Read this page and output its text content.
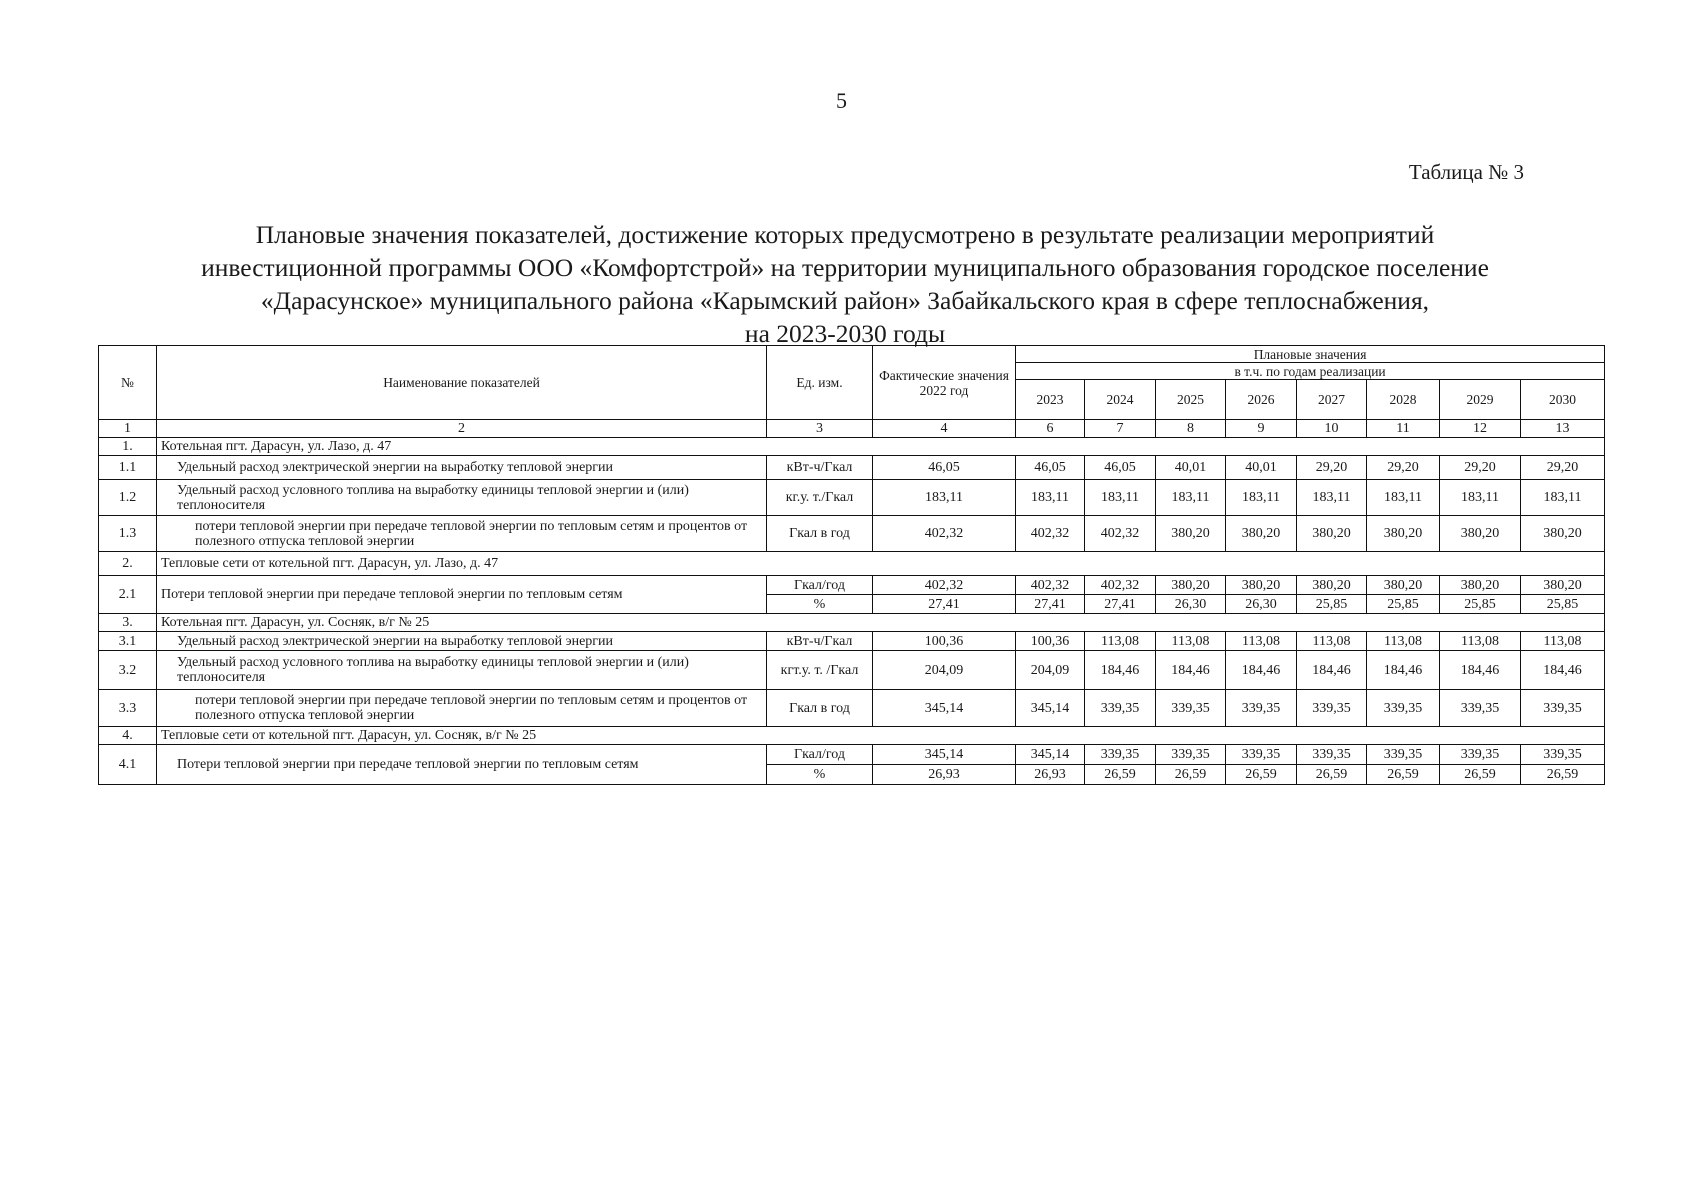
5
Таблица № 3
Плановые значения показателей, достижение которых предусмотрено в результате реализации мероприятий
инвестиционной программы ООО «Комфортстрой» на территории муниципального образования городское поселение
«Дарасунское» муниципального района «Карымский район» Забайкальского края в сфере теплоснабжения,
на 2023-2030 годы
№	Наименование показателей	Ед. изм.	Фактические значения 2022 год	Плановые значения							
				в т.ч. по годам реализации							
				2023	2024	2025	2026	2027	2028	2029	2030
1	2	3	4	6	7	8	9	10	11	12	13
1.	Котельная пгт. Дарасун, ул. Лазо, д. 47										
1.1	Удельный расход электрической энергии на выработку тепловой энергии	кВт-ч/Гкал	46,05	46,05	46,05	40,01	40,01	29,20	29,20	29,20	29,20
1.2	Удельный расход условного топлива на выработку единицы тепловой энергии и (или) теплоносителя	кг.у. т./Гкал	183,11	183,11	183,11	183,11	183,11	183,11	183,11	183,11	183,11
1.3	потери тепловой энергии при передаче тепловой энергии по тепловым сетям и процентов от полезного отпуска тепловой энергии	Гкал в год	402,32	402,32	402,32	380,20	380,20	380,20	380,20	380,20	380,20
2.	Тепловые сети от котельной пгт. Дарасун, ул. Лазо, д. 47										
2.1	Потери тепловой энергии при передаче тепловой энергии по тепловым сетям	Гкал/год	402,32	402,32	402,32	380,20	380,20	380,20	380,20	380,20	380,20
		%	27,41	27,41	27,41	26,30	26,30	25,85	25,85	25,85	25,85
3.	Котельная пгт. Дарасун, ул. Сосняк, в/г № 25										
3.1	Удельный расход электрической энергии на выработку тепловой энергии	кВт-ч/Гкал	100,36	100,36	113,08	113,08	113,08	113,08	113,08	113,08	113,08
3.2	Удельный расход условного топлива на выработку единицы тепловой энергии и (или) теплоносителя	кгт.у. т. /Гкал	204,09	204,09	184,46	184,46	184,46	184,46	184,46	184,46	184,46
3.3	потери тепловой энергии при передаче тепловой энергии по тепловым сетям и процентов от полезного отпуска тепловой энергии	Гкал в год	345,14	345,14	339,35	339,35	339,35	339,35	339,35	339,35	339,35
4.	Тепловые сети от котельной пгт. Дарасун, ул. Сосняк, в/г № 25										
4.1	Потери тепловой энергии при передаче тепловой энергии по тепловым сетям	Гкал/год	345,14	345,14	339,35	339,35	339,35	339,35	339,35	339,35	339,35
		%	26,93	26,93	26,59	26,59	26,59	26,59	26,59	26,59	26,59
